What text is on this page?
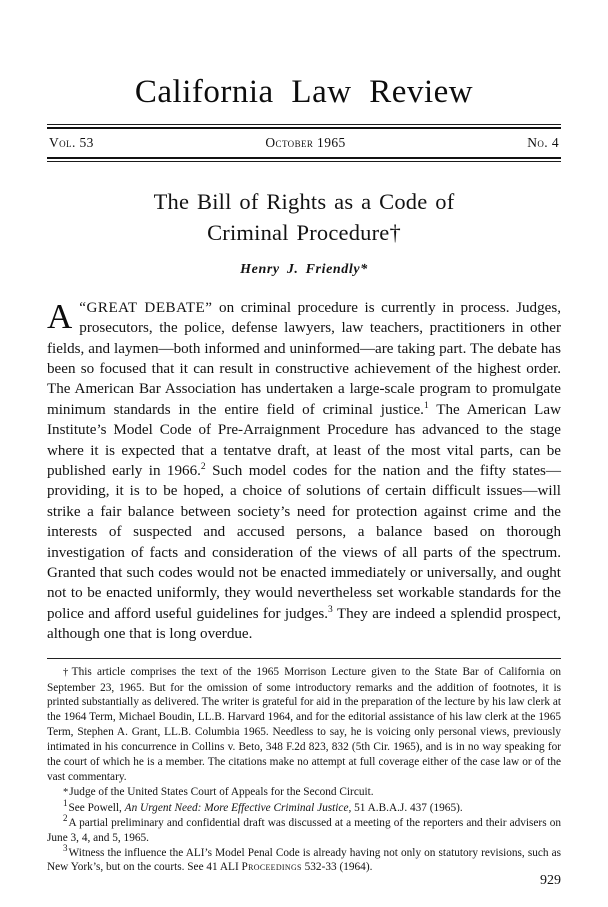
California Law Review
Vol. 53	October 1965	No. 4
The Bill of Rights as a Code of
Criminal Procedure†
Henry J. Friendly*

A “GREAT DEBATE” on criminal procedure is currently in process. Judges, prosecutors, the police, defense lawyers, law teachers, practitioners in other fields, and laymen—both informed and uninformed—are taking part. The debate has been so focused that it can result in constructive achievement of the highest order. The American Bar Association has undertaken a large-scale program to promulgate minimum standards in the entire field of criminal justice.$^1$ The American Law Institute’s Model Code of Pre-Arraignment Procedure has advanced to the stage where it is expected that a tentatve draft, at least of the most vital parts, can be published early in 1966.$^2$ Such model codes for the nation and the fifty states—providing, it is to be hoped, a choice of solutions of certain difficult issues—will strike a fair balance between society’s need for protection against crime and the interests of suspected and accused persons, a balance based on thorough investigation of facts and consideration of the views of all parts of the spectrum. Granted that such codes would not be enacted immediately or universally, and ought not to be enacted uniformly, they would nevertheless set workable standards for the police and afford useful guidelines for judges.$^3$ They are indeed a splendid prospect, although one that is long overdue.

†This article comprises the text of the 1965 Morrison Lecture given to the State Bar of California on September 23, 1965. But for the omission of some introductory remarks and the addition of footnotes, it is printed substantially as delivered. The writer is grateful for aid in the preparation of the lecture by his law clerk at the 1964 Term, Michael Boudin, LL.B. Harvard 1964, and for the editorial assistance of his law clerk at the 1965 Term, Stephen A. Grant, LL.B. Columbia 1965. Needless to say, he is voicing only personal views, previously intimated in his concurrence in Collins v. Beto, 348 F.2d 823, 832 (5th Cir. 1965), and is in no way speaking for the court of which he is a member. The citations make no attempt at full coverage either of the case law or of the vast commentary.

*Judge of the United States Court of Appeals for the Second Circuit.

$^1$See Powell, An Urgent Need: More Effective Criminal Justice, 51 A.B.A.J. 437 (1965).

$^2$A partial preliminary and confidential draft was discussed at a meeting of the reporters and their advisers on June 3, 4, and 5, 1965.

$^3$Witness the influence the ALI’s Model Penal Code is already having not only on statutory revisions, such as New York’s, but on the courts. See 41 ALI Proceedings 532-33 (1964).

929
